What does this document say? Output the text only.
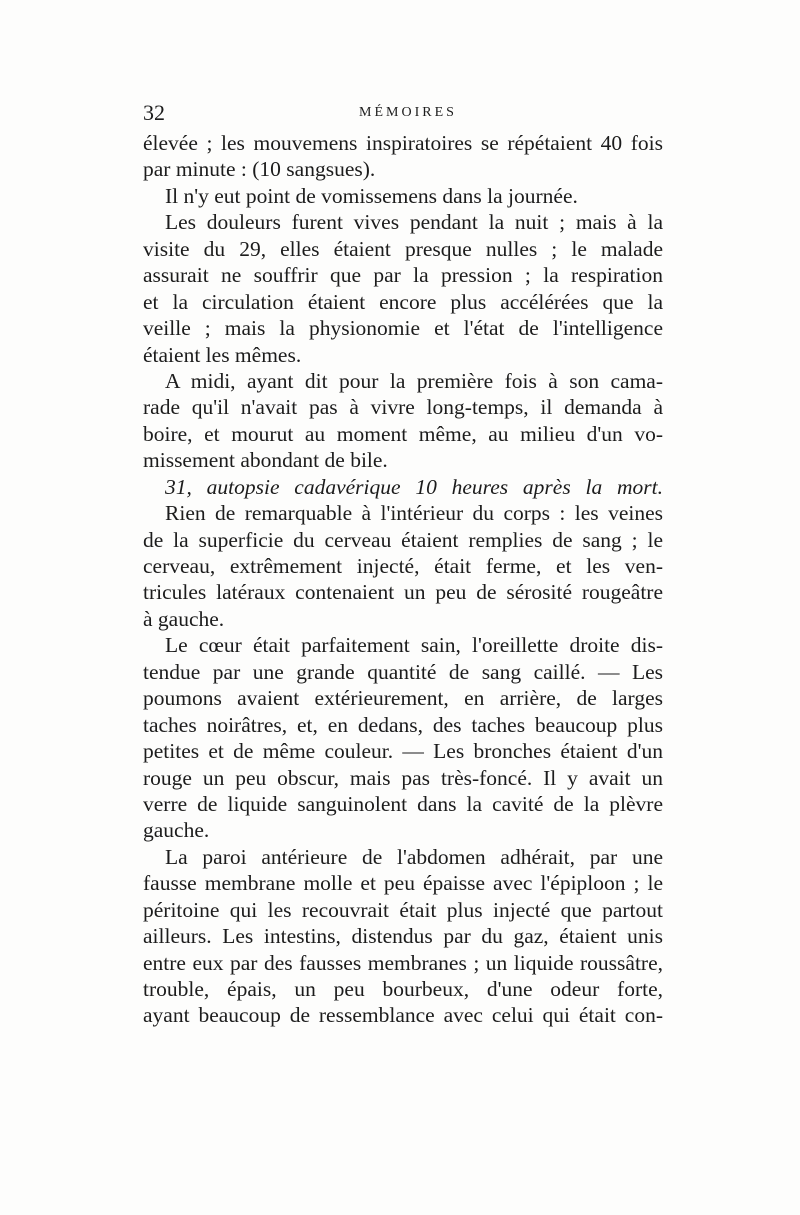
32	MÉMOIRES
élevée ; les mouvemens inspiratoires se répétaient 40 fois
par minute : (10 sangsues).
Il n'y eut point de vomissemens dans la journée.
Les douleurs furent vives pendant la nuit ; mais à la
visite du 29, elles étaient presque nulles ; le malade
assurait ne souffrir que par la pression ; la respiration
et la circulation étaient encore plus accélérées que la
veille ; mais la physionomie et l'état de l'intelligence
étaient les mêmes.
A midi, ayant dit pour la première fois à son cama-
rade qu'il n'avait pas à vivre long-temps, il demanda à
boire, et mourut au moment même, au milieu d'un vo-
missement abondant de bile.
31, autopsie cadavérique 10 heures après la mort.
Rien de remarquable à l'intérieur du corps : les veines
de la superficie du cerveau étaient remplies de sang ; le
cerveau, extrêmement injecté, était ferme, et les ven-
tricules latéraux contenaient un peu de sérosité rougeâtre
à gauche.
Le cœur était parfaitement sain, l'oreillette droite dis-
tendue par une grande quantité de sang caillé. — Les
poumons avaient extérieurement, en arrière, de larges
taches noirâtres, et, en dedans, des taches beaucoup plus
petites et de même couleur. — Les bronches étaient d'un
rouge un peu obscur, mais pas très-foncé. Il y avait un
verre de liquide sanguinolent dans la cavité de la plèvre
gauche.
La paroi antérieure de l'abdomen adhérait, par une
fausse membrane molle et peu épaisse avec l'épiploon ; le
péritoine qui les recouvrait était plus injecté que partout
ailleurs. Les intestins, distendus par du gaz, étaient unis
entre eux par des fausses membranes ; un liquide roussâtre,
trouble, épais, un peu bourbeux, d'une odeur forte,
ayant beaucoup de ressemblance avec celui qui était con-
